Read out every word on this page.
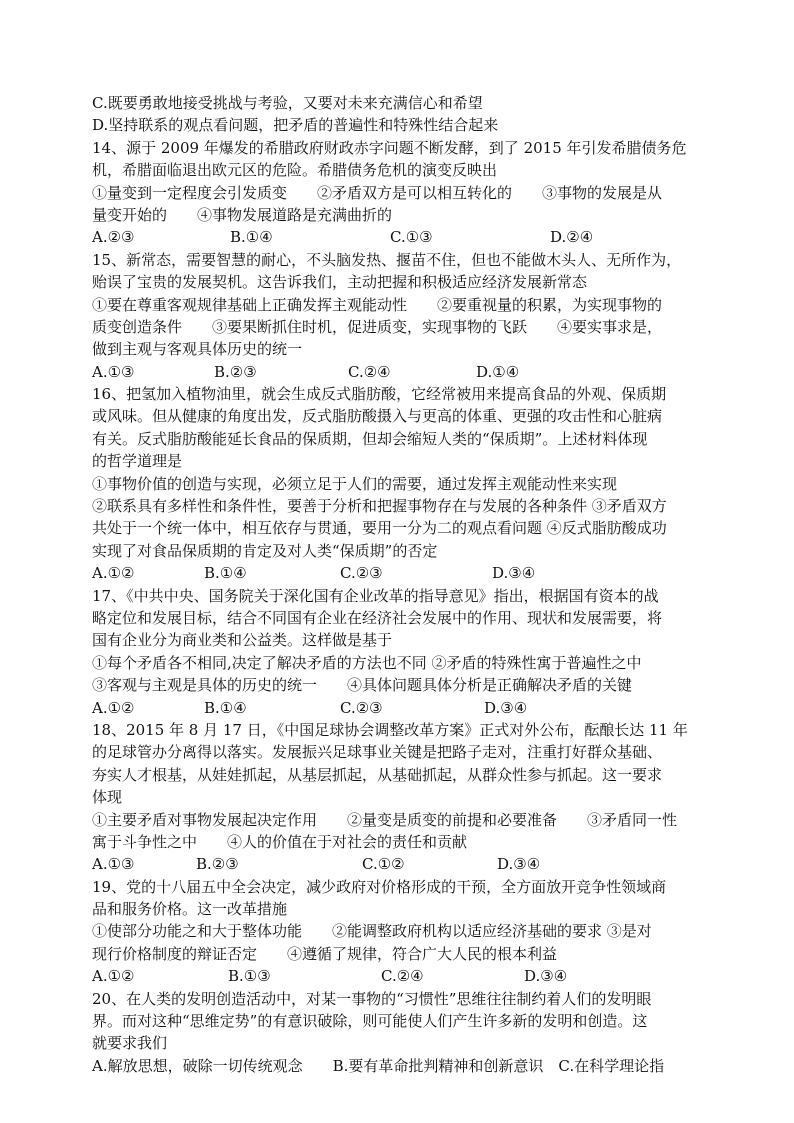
C.既要勇敢地接受挑战与考验，又要对未来充满信心和希望
D.坚持联系的观点看问题，把矛盾的普遍性和特殊性结合起来
14、源于 2009 年爆发的希腊政府财政赤字问题不断发酵，到了 2015 年引发希腊债务危
机，希腊面临退出欧元区的危险。希腊债务危机的演变反映出
①量变到一定程度会引发质变　　②矛盾双方是可以相互转化的　　③事物的发展是从
量变开始的　　④事物发展道路是充满曲折的
A.②③	B.①④	C.①③	D.②④
15、新常态，需要智慧的耐心，不头脑发热、揠苗不住，但也不能做木头人、无所作为，
贻误了宝贵的发展契机。这告诉我们，主动把握和积极适应经济发展新常态
①要在尊重客观规律基础上正确发挥主观能动性　　②要重视量的积累，为实现事物的
质变创造条件　　③要果断抓住时机，促进质变，实现事物的飞跃　　④要实事求是，
做到主观与客观具体历史的统一
A.①③	B.②③	C.②④	D.①④
16、把氢加入植物油里，就会生成反式脂肪酸，它经常被用来提高食品的外观、保质期
或风味。但从健康的角度出发，反式脂肪酸摄入与更高的体重、更强的攻击性和心脏病
有关。反式脂肪酸能延长食品的保质期，但却会缩短人类的“保质期”。上述材料体现
的哲学道理是
①事物价值的创造与实现，必须立足于人们的需要，通过发挥主观能动性来实现
②联系具有多样性和条件性，要善于分析和把握事物存在与发展的各种条件 ③矛盾双方
共处于一个统一体中，相互依存与贯通，要用一分为二的观点看问题 ④反式脂肪酸成功
实现了对食品保质期的肯定及对人类“保质期”的否定
A.①②	B.①④	C.②③	D.③④
17、《中共中央、国务院关于深化国有企业改革的指导意见》指出，根据国有资本的战
略定位和发展目标，结合不同国有企业在经济社会发展中的作用、现状和发展需要，将
国有企业分为商业类和公益类。这样做是基于
①每个矛盾各不相同,决定了解决矛盾的方法也不同 ②矛盾的特殊性寓于普遍性之中
③客观与主观是具体的历史的统一　　④具体问题具体分析是正确解决矛盾的关键
A.①②	B.①④	C.②③	D.③④
18、2015 年 8 月 17 日，《中国足球协会调整改革方案》正式对外公布，酝酿长达 11 年
的足球管办分离得以落实。发展振兴足球事业关键是把路子走对，注重打好群众基础、
夯实人才根基，从娃娃抓起，从基层抓起，从基础抓起，从群众性参与抓起。这一要求
体现
①主要矛盾对事物发展起决定作用　　②量变是质变的前提和必要准备　　③矛盾同一性
寓于斗争性之中　　④人的价值在于对社会的责任和贡献
A.①③	B.②③	C.①②	D.③④
19、党的十八届五中全会决定，减少政府对价格形成的干预，全方面放开竞争性领域商
品和服务价格。这一改革措施
①使部分功能之和大于整体功能　　②能调整政府机构以适应经济基础的要求 ③是对
现行价格制度的辩证否定　　④遵循了规律，符合广大人民的根本利益
A.①②	B.①③	C.②④	D.③④
20、在人类的发明创造活动中，对某一事物的“习惯性”思维往往制约着人们的发明眼
界。而对这种“思维定势”的有意识破除，则可能使人们产生许多新的发明和创造。这
就要求我们
A.解放思想，破除一切传统观念　　B.要有革命批判精神和创新意识　C.在科学理论指
